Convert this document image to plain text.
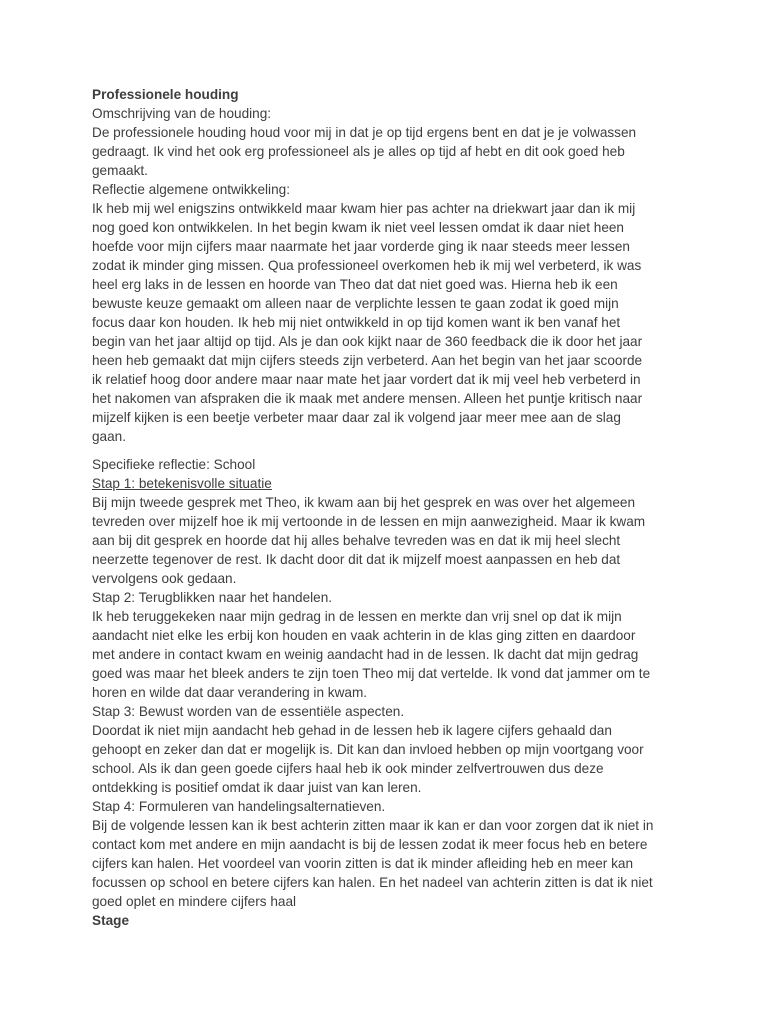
Professionele houding
Omschrijving van de houding:
De professionele houding houd voor mij in dat je op tijd ergens bent en dat je je volwassen
gedraagt. Ik vind het ook erg professioneel als je alles op tijd af hebt en dit ook goed heb
gemaakt.
Reflectie algemene ontwikkeling:
Ik heb mij wel enigszins ontwikkeld maar kwam hier pas achter na driekwart jaar dan ik mij
nog goed kon ontwikkelen. In het begin kwam ik niet veel lessen omdat ik daar niet heen
hoefde voor mijn cijfers maar naarmate het jaar vorderde ging ik naar steeds meer lessen
zodat ik minder ging missen. Qua professioneel overkomen heb ik mij wel verbeterd, ik was
heel erg laks in de lessen en hoorde van Theo dat dat niet goed was. Hierna heb ik een
bewuste keuze gemaakt om alleen naar de verplichte lessen te gaan zodat ik goed mijn
focus daar kon houden. Ik heb mij niet ontwikkeld in op tijd komen want ik ben vanaf het
begin van het jaar altijd op tijd. Als je dan ook kijkt naar de 360 feedback die ik door het jaar
heen heb gemaakt dat mijn cijfers steeds zijn verbeterd. Aan het begin van het jaar scoorde
ik relatief hoog door andere maar naar mate het jaar vordert dat ik mij veel heb verbeterd in
het nakomen van afspraken die ik maak met andere mensen. Alleen het puntje kritisch naar
mijzelf kijken is een beetje verbeter maar daar zal ik volgend jaar meer mee aan de slag
gaan.
Specifieke reflectie: School
Stap 1: betekenisvolle situatie
Bij mijn tweede gesprek met Theo, ik kwam aan bij het gesprek en was over het algemeen
tevreden over mijzelf hoe ik mij vertoonde in de lessen en mijn aanwezigheid. Maar ik kwam
aan bij dit gesprek en hoorde dat hij alles behalve tevreden was en dat ik mij heel slecht
neerzette tegenover de rest. Ik dacht door dit dat ik mijzelf moest aanpassen en heb dat
vervolgens ook gedaan.
Stap 2: Terugblikken naar het handelen.
Ik heb teruggekeken naar mijn gedrag in de lessen en merkte dan vrij snel op dat ik mijn
aandacht niet elke les erbij kon houden en vaak achterin in de klas ging zitten en daardoor
met andere in contact kwam en weinig aandacht had in de lessen. Ik dacht dat mijn gedrag
goed was maar het bleek anders te zijn toen Theo mij dat vertelde. Ik vond dat jammer om te
horen en wilde dat daar verandering in kwam.
Stap 3: Bewust worden van de essentiële aspecten.
Doordat ik niet mijn aandacht heb gehad in de lessen heb ik lagere cijfers gehaald dan
gehoopt en zeker dan dat er mogelijk is. Dit kan dan invloed hebben op mijn voortgang voor
school. Als ik dan geen goede cijfers haal heb ik ook minder zelfvertrouwen dus deze
ontdekking is positief omdat ik daar juist van kan leren.
Stap 4: Formuleren van handelingsalternatieven.
Bij de volgende lessen kan ik best achterin zitten maar ik kan er dan voor zorgen dat ik niet in
contact kom met andere en mijn aandacht is bij de lessen zodat ik meer focus heb en betere
cijfers kan halen. Het voordeel van voorin zitten is dat ik minder afleiding heb en meer kan
focussen op school en betere cijfers kan halen. En het nadeel van achterin zitten is dat ik niet
goed oplet en mindere cijfers haal
Stage
